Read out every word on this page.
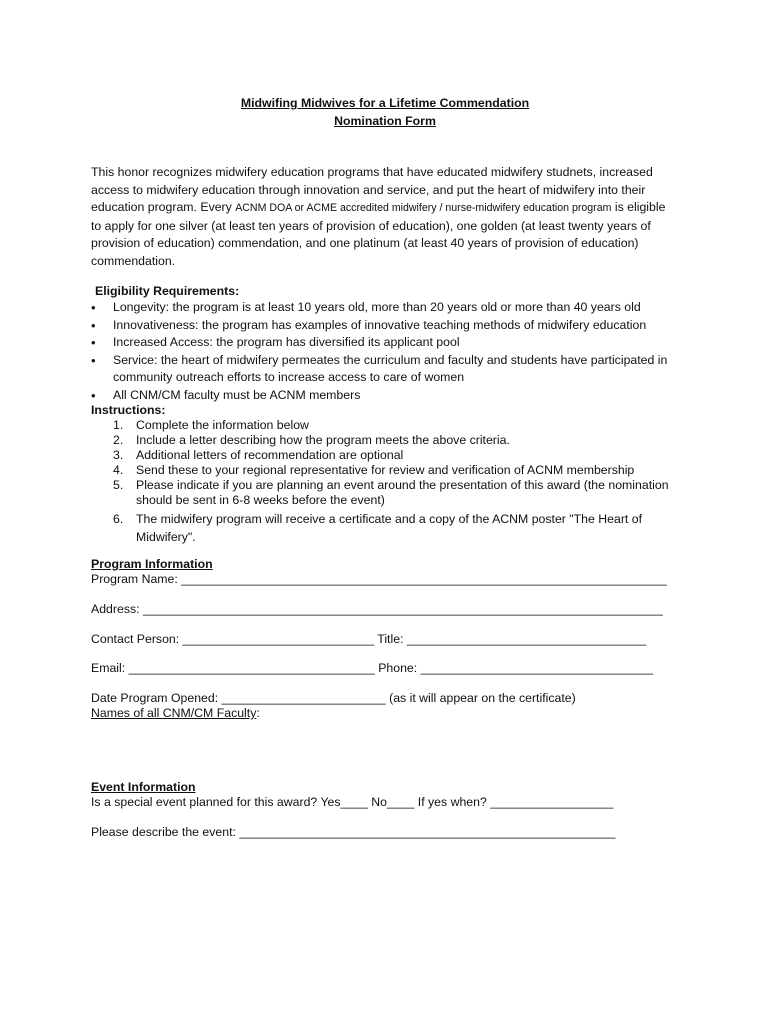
Midwifing Midwives for a Lifetime Commendation

Nomination Form

This honor recognizes midwifery education programs that have educated midwifery studnets, increased access to midwifery education through innovation and service, and put the heart of midwifery into their education program. Every ACNM DOA or ACME accredited midwifery / nurse-midwifery education program is eligible to apply for one silver (at least ten years of provision of education), one golden (at least twenty years of provision of education) commendation, and one platinum (at least 40 years of provision of education) commendation.

Eligibility Requirements:

• Longevity: the program is at least 10 years old, more than 20 years old or more than 40 years old
• Innovativeness: the program has examples of innovative teaching methods of midwifery education
• Increased Access: the program has diversified its applicant pool
• Service: the heart of midwifery permeates the curriculum and faculty and students have participated in community outreach efforts to increase access to care of women
• All CNM/CM faculty must be ACNM members

Instructions:

1. Complete the information below
2. Include a letter describing how the program meets the above criteria.
3. Additional letters of recommendation are optional
4. Send these to your regional representative for review and verification of ACNM membership
5. Please indicate if you are planning an event around the presentation of this award (the nomination should be sent in 6-8 weeks before the event)
6. The midwifery program will receive a certificate and a copy of the ACNM poster "The Heart of Midwifery".

Program Information

Program Name: _______________________________________________________________________

Address: ____________________________________________________________________________

Contact Person: ____________________________ Title: ___________________________________

Email: ____________________________________ Phone: __________________________________

Date Program Opened: ________________________ (as it will appear on the certificate)

Names of all CNM/CM Faculty:

Event Information

Is a special event planned for this award? Yes____ No____ If yes when? __________________

Please describe the event: _______________________________________________________
